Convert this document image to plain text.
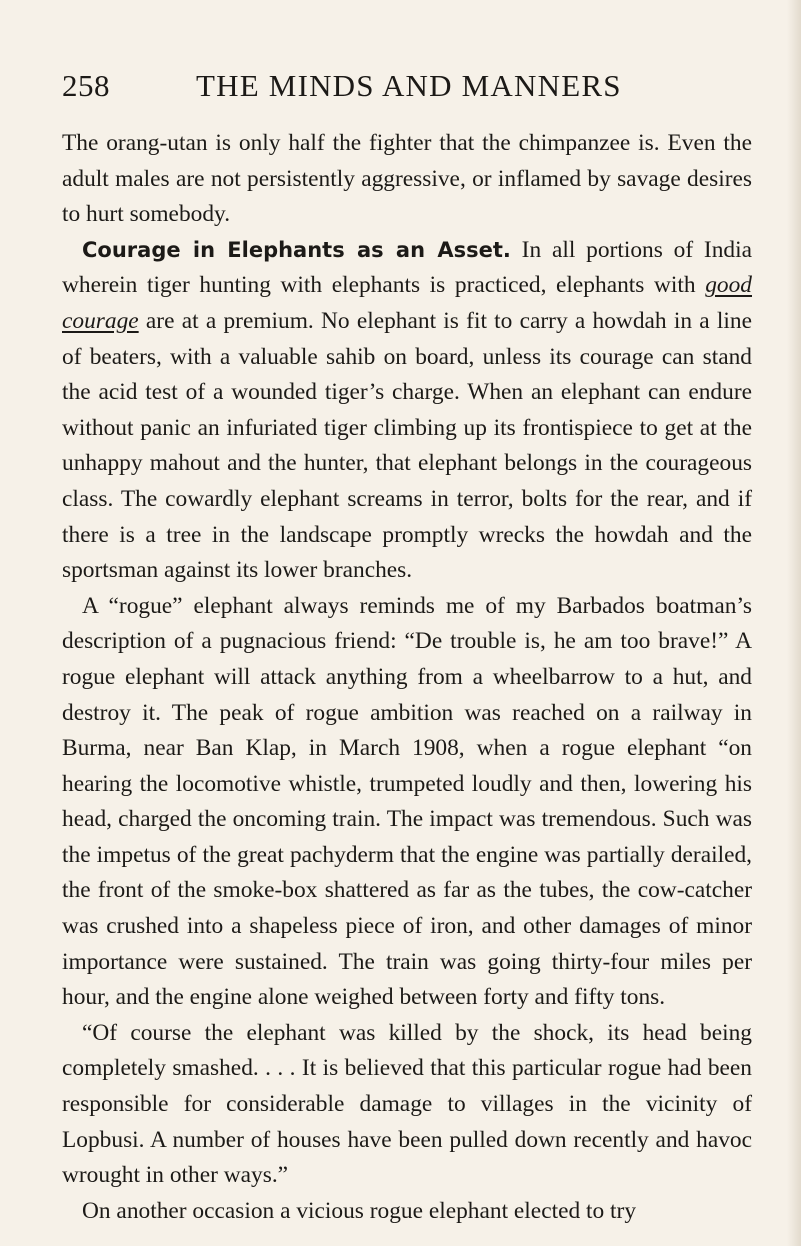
258	THE MINDS AND MANNERS

The orang-utan is only half the fighter that the chimpanzee is. Even the adult males are not persistently aggressive, or inflamed by savage desires to hurt somebody.

Courage in Elephants as an Asset. In all portions of India wherein tiger hunting with elephants is practiced, elephants with good courage are at a premium. No elephant is fit to carry a howdah in a line of beaters, with a valuable sahib on board, unless its courage can stand the acid test of a wounded tiger’s charge. When an elephant can endure without panic an infuriated tiger climbing up its frontispiece to get at the unhappy mahout and the hunter, that elephant belongs in the courageous class. The cowardly elephant screams in terror, bolts for the rear, and if there is a tree in the landscape promptly wrecks the howdah and the sportsman against its lower branches.

A “rogue” elephant always reminds me of my Barbados boatman’s description of a pugnacious friend: “De trouble is, he am too brave!” A rogue elephant will attack anything from a wheelbarrow to a hut, and destroy it. The peak of rogue ambition was reached on a railway in Burma, near Ban Klap, in March 1908, when a rogue elephant “on hearing the locomotive whistle, trumpeted loudly and then, lowering his head, charged the oncoming train. The impact was tremendous. Such was the impetus of the great pachyderm that the engine was partially derailed, the front of the smoke-box shattered as far as the tubes, the cow-catcher was crushed into a shapeless piece of iron, and other damages of minor importance were sustained. The train was going thirty-four miles per hour, and the engine alone weighed between forty and fifty tons.

“Of course the elephant was killed by the shock, its head being completely smashed. . . . It is believed that this particular rogue had been responsible for considerable damage to villages in the vicinity of Lopbusi. A number of houses have been pulled down recently and havoc wrought in other ways.”

On another occasion a vicious rogue elephant elected to try
